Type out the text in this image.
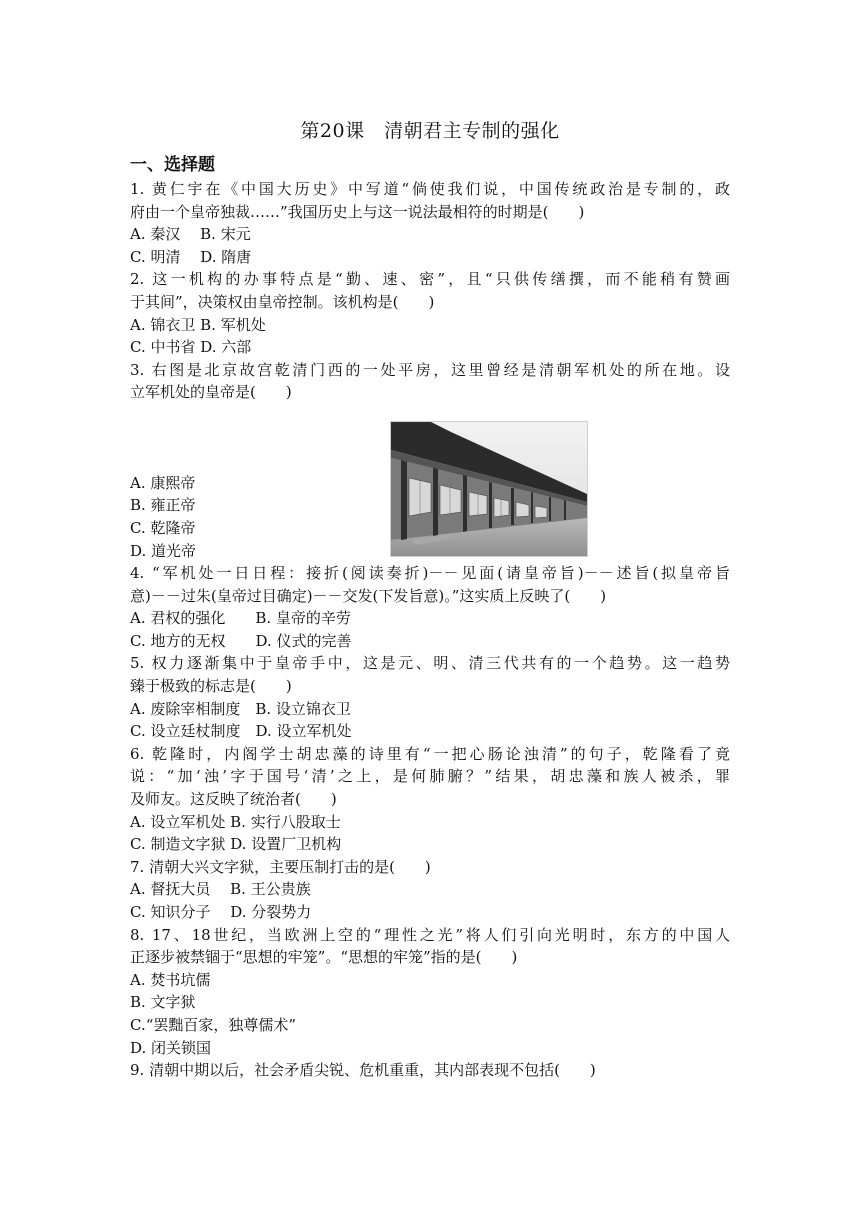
第20课　清朝君主专制的强化
一、选择题
1. 黄仁宇在《中国大历史》中写道“倘使我们说，中国传统政治是专制的，政
府由一个皇帝独裁……”我国历史上与这一说法最相符的时期是(　　)
A. 秦汉　 B. 宋元
C. 明清　 D. 隋唐
2. 这一机构的办事特点是“勤、速、密”，且“只供传缮撰，而不能稍有赞画
于其间”，决策权由皇帝控制。该机构是(　　)
A. 锦衣卫 B. 军机处
C. 中书省 D. 六部
3. 右图是北京故宫乾清门西的一处平房，这里曾经是清朝军机处的所在地。设
立军机处的皇帝是(　　)
A. 康熙帝
B. 雍正帝
C. 乾隆帝
D. 道光帝
4. “军机处一日日程：接折(阅读奏折)－－见面(请皇帝旨)－－述旨(拟皇帝旨
意)－－过朱(皇帝过目确定)－－交发(下发旨意)。”这实质上反映了(　　)
A. 君权的强化　　B. 皇帝的辛劳
C. 地方的无权　　D. 仪式的完善
5. 权力逐渐集中于皇帝手中，这是元、明、清三代共有的一个趋势。这一趋势
臻于极致的标志是(　　)
A. 废除宰相制度　B. 设立锦衣卫
C. 设立廷杖制度　D. 设立军机处
6. 乾隆时，内阁学士胡忠藻的诗里有“一把心肠论浊清”的句子，乾隆看了竟
说：“加‘浊’字于国号‘清’之上，是何肺腑？”结果，胡忠藻和族人被杀，罪
及师友。这反映了统治者(　　)
A. 设立军机处 B. 实行八股取士
C. 制造文字狱 D. 设置厂卫机构
7. 清朝大兴文字狱，主要压制打击的是(　　)
A. 督抚大员　 B. 王公贵族
C. 知识分子　 D. 分裂势力
8. 17、18世纪，当欧洲上空的“理性之光”将人们引向光明时，东方的中国人
正逐步被禁锢于“思想的牢笼”。“思想的牢笼”指的是(　　)
A. 焚书坑儒
B. 文字狱
C.“罢黜百家，独尊儒术”
D. 闭关锁国
9. 清朝中期以后，社会矛盾尖锐、危机重重，其内部表现不包括(　　)
